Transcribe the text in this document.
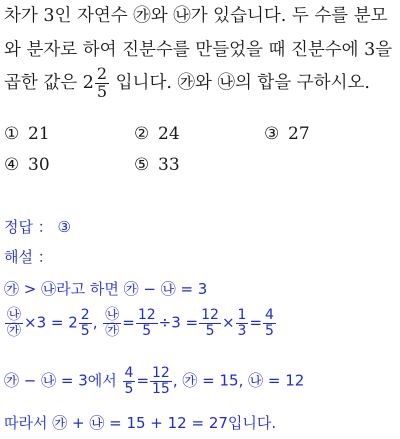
차가 3인 자연수 ㉮와 ㉯가 있습니다. 두 수를 분모
와 분자로 하여 진분수를 만들었을 때 진분수에 3을
곱한 값은 $2 \frac{2}{5}$ 입니다. ㉮와 ㉯의 합을 구하시오.
① 21	② 24	③ 27
④ 30	⑤ 33
정답 ： ③
해설 ：
㉮ > ㉯라고 하면 ㉮ − ㉯ = 3
$\frac{㉯}{㉮} \times 3 = 2 \frac{2}{5}$ , $\frac{㉯}{㉮} = \frac{12}{5} \div 3 = \frac{12}{5} \times \frac{1}{3} = \frac{4}{5}$
㉮ − ㉯ = 3에서 $\frac{4}{5} = \frac{12}{15}$ , ㉮ = 15, ㉯ = 12
따라서 ㉮ + ㉯ = 15 + 12 = 27입니다.
